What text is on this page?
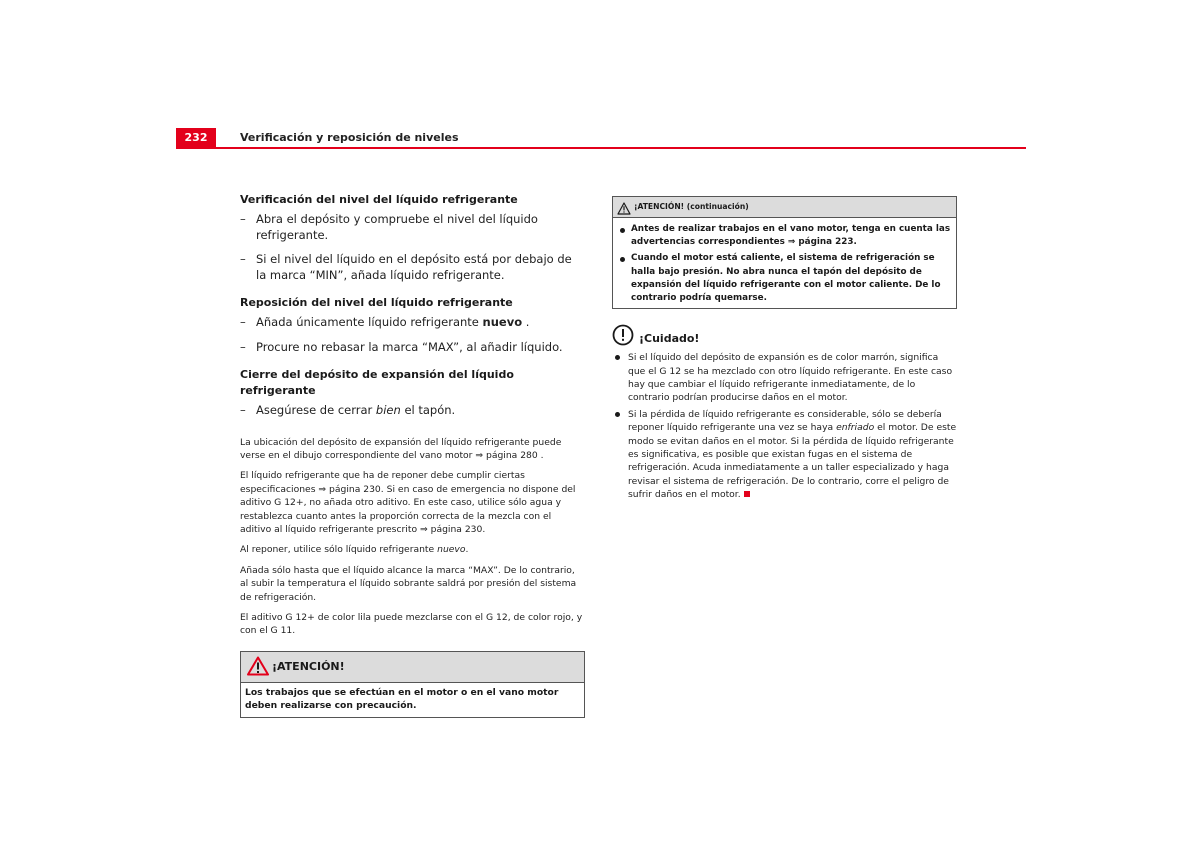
232	Verificación y reposición de niveles
Verificación del nivel del líquido refrigerante
– Abra el depósito y compruebe el nivel del líquido refrigerante.
– Si el nivel del líquido en el depósito está por debajo de la marca “MIN”, añada líquido refrigerante.
Reposición del nivel del líquido refrigerante
– Añada únicamente líquido refrigerante nuevo .
– Procure no rebasar la marca “MAX”, al añadir líquido.
Cierre del depósito de expansión del líquido refrigerante
– Asegúrese de cerrar bien el tapón.

La ubicación del depósito de expansión del líquido refrigerante puede verse en el dibujo correspondiente del vano motor ⇒ página 280 .

El líquido refrigerante que ha de reponer debe cumplir ciertas especificaciones ⇒ página 230. Si en caso de emergencia no dispone del aditivo G 12+, no añada otro aditivo. En este caso, utilice sólo agua y restablezca cuanto antes la proporción correcta de la mezcla con el aditivo al líquido refrigerante prescrito ⇒ página 230.

Al reponer, utilice sólo líquido refrigerante nuevo.

Añada sólo hasta que el líquido alcance la marca “MAX”. De lo contrario, al subir la temperatura el líquido sobrante saldrá por presión del sistema de refrigeración.

El aditivo G 12+ de color lila puede mezclarse con el G 12, de color rojo, y con el G 11.

¡ATENCIÓN!
Los trabajos que se efectúan en el motor o en el vano motor deben realizarse con precaución.
¡ATENCIÓN! (continuación)
Antes de realizar trabajos en el vano motor, tenga en cuenta las advertencias correspondientes ⇒ página 223.
Cuando el motor está caliente, el sistema de refrigeración se halla bajo presión. No abra nunca el tapón del depósito de expansión del líquido refrigerante con el motor caliente. De lo contrario podría quemarse.
¡Cuidado!
Si el líquido del depósito de expansión es de color marrón, significa que el G 12 se ha mezclado con otro líquido refrigerante. En este caso hay que cambiar el líquido refrigerante inmediatamente, de lo contrario podrían producirse daños en el motor.
Si la pérdida de líquido refrigerante es considerable, sólo se debería reponer líquido refrigerante una vez se haya enfriado el motor. De este modo se evitan daños en el motor. Si la pérdida de líquido refrigerante es significativa, es posible que existan fugas en el sistema de refrigeración. Acuda inmediatamente a un taller especializado y haga revisar el sistema de refrigeración. De lo contrario, corre el peligro de sufrir daños en el motor.
